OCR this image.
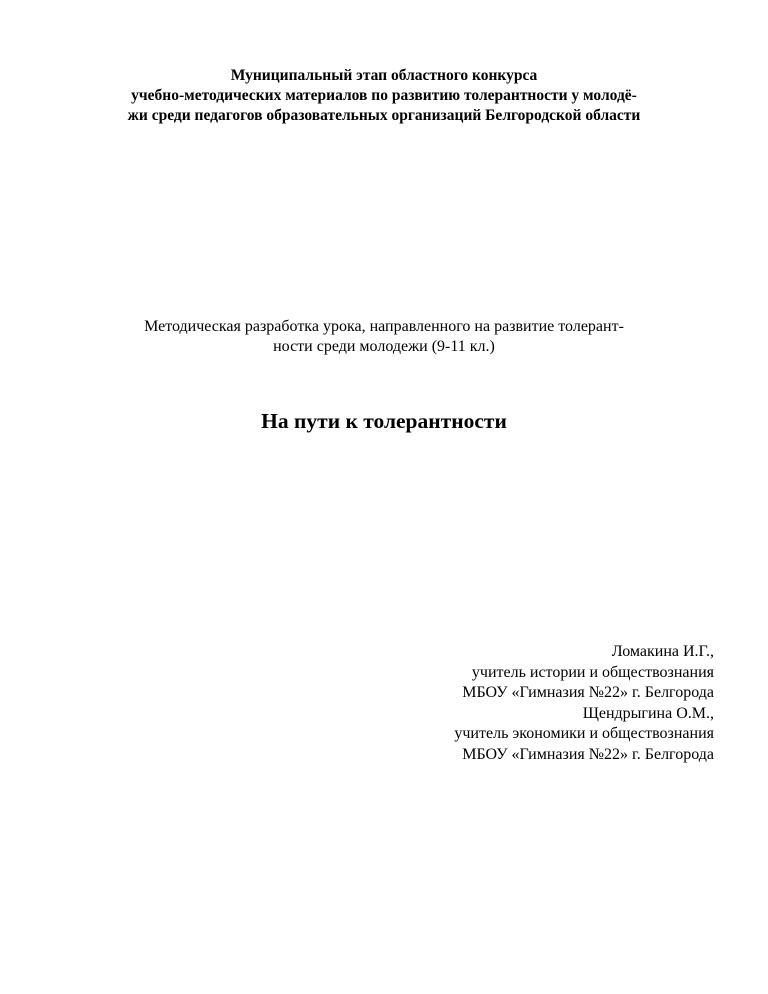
Муниципальный этап областного конкурса
учебно-методических материалов по развитию толерантности у молодё-
жи среди педагогов образовательных организаций Белгородской области
Методическая разработка урока, направленного на развитие толерант-
ности среди молодежи (9-11 кл.)
На пути к толерантности
Ломакина И.Г.,
учитель истории и обществознания
МБОУ «Гимназия №22» г. Белгорода
Щендрыгина О.М.,
учитель экономики и обществознания
МБОУ «Гимназия №22» г. Белгорода
